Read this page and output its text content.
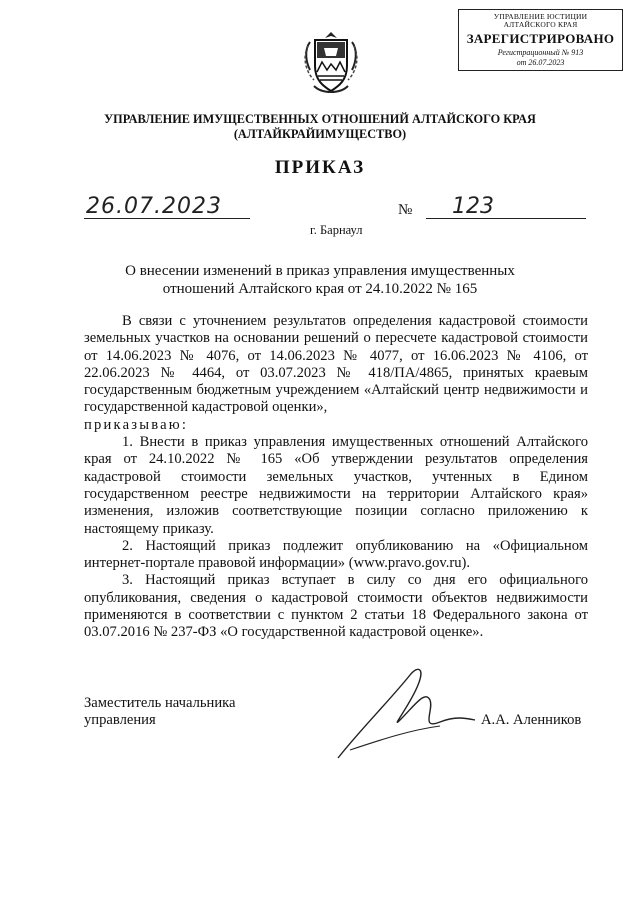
УПРАВЛЕНИЕ ЮСТИЦИИ
АЛТАЙСКОГО КРАЯ
ЗАРЕГИСТРИРОВАНО
Регистрационный № 913
от 26.07.2023
УПРАВЛЕНИЕ ИМУЩЕСТВЕННЫХ ОТНОШЕНИЙ АЛТАЙСКОГО КРАЯ
(АЛТАЙКРАЙИМУЩЕСТВО)
ПРИКАЗ
26.07.2023	№ 123
г. Барнаул
О внесении изменений в приказ управления имущественных
отношений Алтайского края от 24.10.2022 № 165

В связи с уточнением результатов определения кадастровой стоимости земельных участков на основании решений о пересчете кадастровой стоимости от 14.06.2023 № 4076, от 14.06.2023 № 4077, от 16.06.2023 № 4106, от 22.06.2023 № 4464, от 03.07.2023 № 418/ПА/4865, принятых краевым государственным бюджетным учреждением «Алтайский центр недвижимости и государственной кадастровой оценки»,

приказываю:

1. Внести в приказ управления имущественных отношений Алтайского края от 24.10.2022 № 165 «Об утверждении результатов определения кадастровой стоимости земельных участков, учтенных в Едином государственном реестре недвижимости на территории Алтайского края» изменения, изложив соответствующие позиции согласно приложению к настоящему приказу.

2. Настоящий приказ подлежит опубликованию на «Официальном интернет-портале правовой информации» (www.pravo.gov.ru).

3. Настоящий приказ вступает в силу со дня его официального опубликования, сведения о кадастровой стоимости объектов недвижимости применяются в соответствии с пунктом 2 статьи 18 Федерального закона от 03.07.2016 № 237-ФЗ «О государственной кадастровой оценке».

Заместитель начальника
управления	А.А. Аленников
